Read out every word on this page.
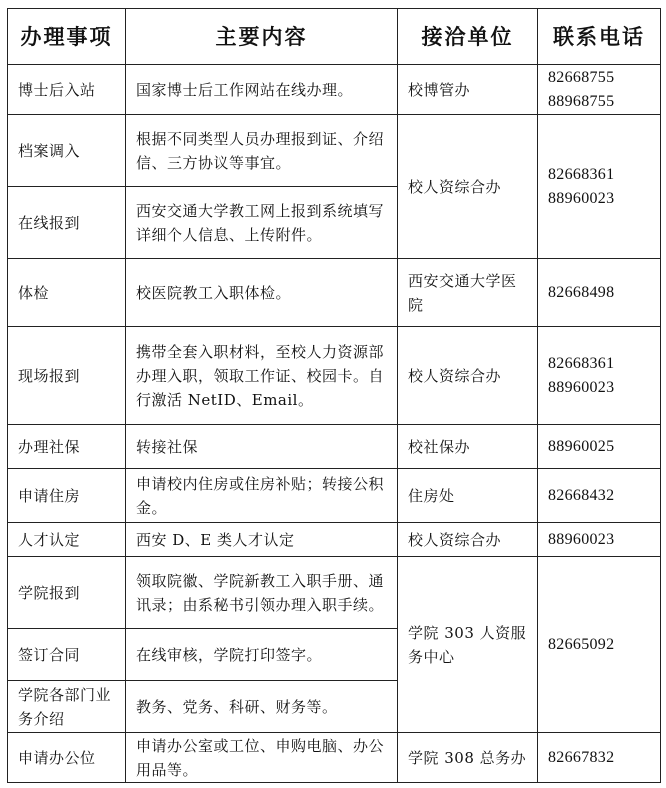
办理事项	主要内容	接洽单位	联系电话
博士后入站	国家博士后工作网站在线办理。	校博管办	82668755
88968755

档案调入	根据不同类型人员办理报到证、介绍信、三方协议等事宜。	校人资综合办	82668361
88960023

在线报到	西安交通大学教工网上报到系统填写详细个人信息、上传附件。		
体检	校医院教工入职体检。	西安交通大学医院	82668498
现场报到	携带全套入职材料，至校人力资源部办理入职，领取工作证、校园卡。自行激活 NetID、Email。	校人资综合办	82668361
88960023

办理社保	转接社保	校社保办	88960025
申请住房	申请校内住房或住房补贴；转接公积金。	住房处	82668432
人才认定	西安 D、E 类人才认定	校人资综合办	88960023
学院报到	领取院徽、学院新教工入职手册、通讯录；由系秘书引领办理入职手续。	学院 303 人资服务中心	82665092
签订合同	在线审核，学院打印签字。		
学院各部门业务介绍	教务、党务、科研、财务等。		
申请办公位	申请办公室或工位、申购电脑、办公用品等。	学院 308 总务办	82667832
